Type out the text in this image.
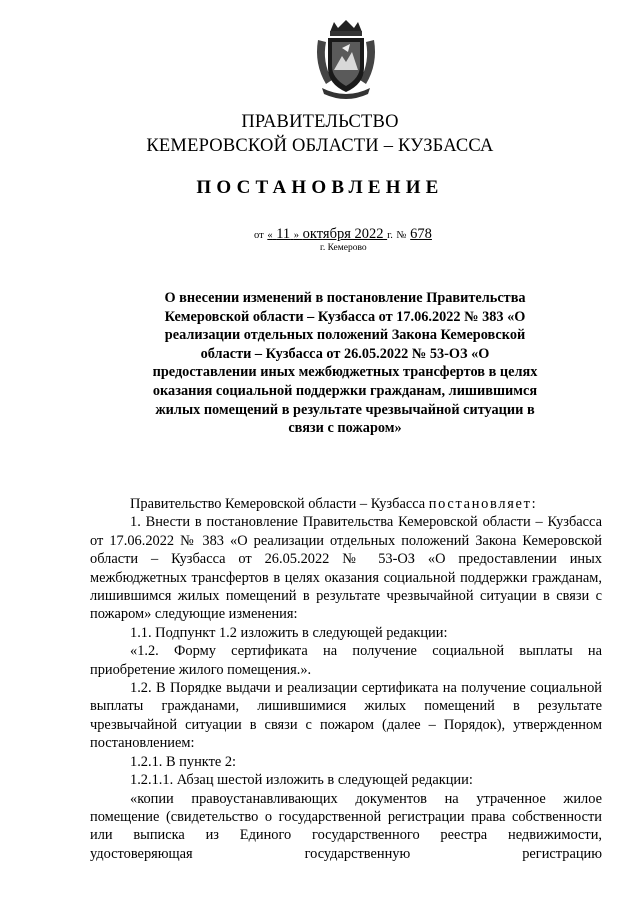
ПРАВИТЕЛЬСТВО
КЕМЕРОВСКОЙ ОБЛАСТИ – КУЗБАССА
ПОСТАНОВЛЕНИЕ
от « 11 » октября 2022 г. № 678
г. Кемерово
О внесении изменений в постановление Правительства Кемеровской области – Кузбасса от 17.06.2022 № 383 «О реализации отдельных положений Закона Кемеровской области – Кузбасса от 26.05.2022 № 53-ОЗ «О предоставлении иных межбюджетных трансфертов в целях оказания социальной поддержки гражданам, лишившимся жилых помещений в результате чрезвычайной ситуации в связи с пожаром»

Правительство Кемеровской области – Кузбасса постановляет:

1. Внести в постановление Правительства Кемеровской области – Кузбасса от 17.06.2022 № 383 «О реализации отдельных положений Закона Кемеровской области – Кузбасса от 26.05.2022 № 53-ОЗ «О предоставлении иных межбюджетных трансфертов в целях оказания социальной поддержки гражданам, лишившимся жилых помещений в результате чрезвычайной ситуации в связи с пожаром» следующие изменения:

1.1. Подпункт 1.2 изложить в следующей редакции:

«1.2. Форму сертификата на получение социальной выплаты на приобретение жилого помещения.».

1.2. В Порядке выдачи и реализации сертификата на получение социальной выплаты гражданами, лишившимися жилых помещений в результате чрезвычайной ситуации в связи с пожаром (далее – Порядок), утвержденном постановлением:

1.2.1. В пункте 2:

1.2.1.1. Абзац шестой изложить в следующей редакции:

«копии правоустанавливающих документов на утраченное жилое помещение (свидетельство о государственной регистрации права собственности или выписка из Единого государственного реестра недвижимости, удостоверяющая государственную регистрацию
